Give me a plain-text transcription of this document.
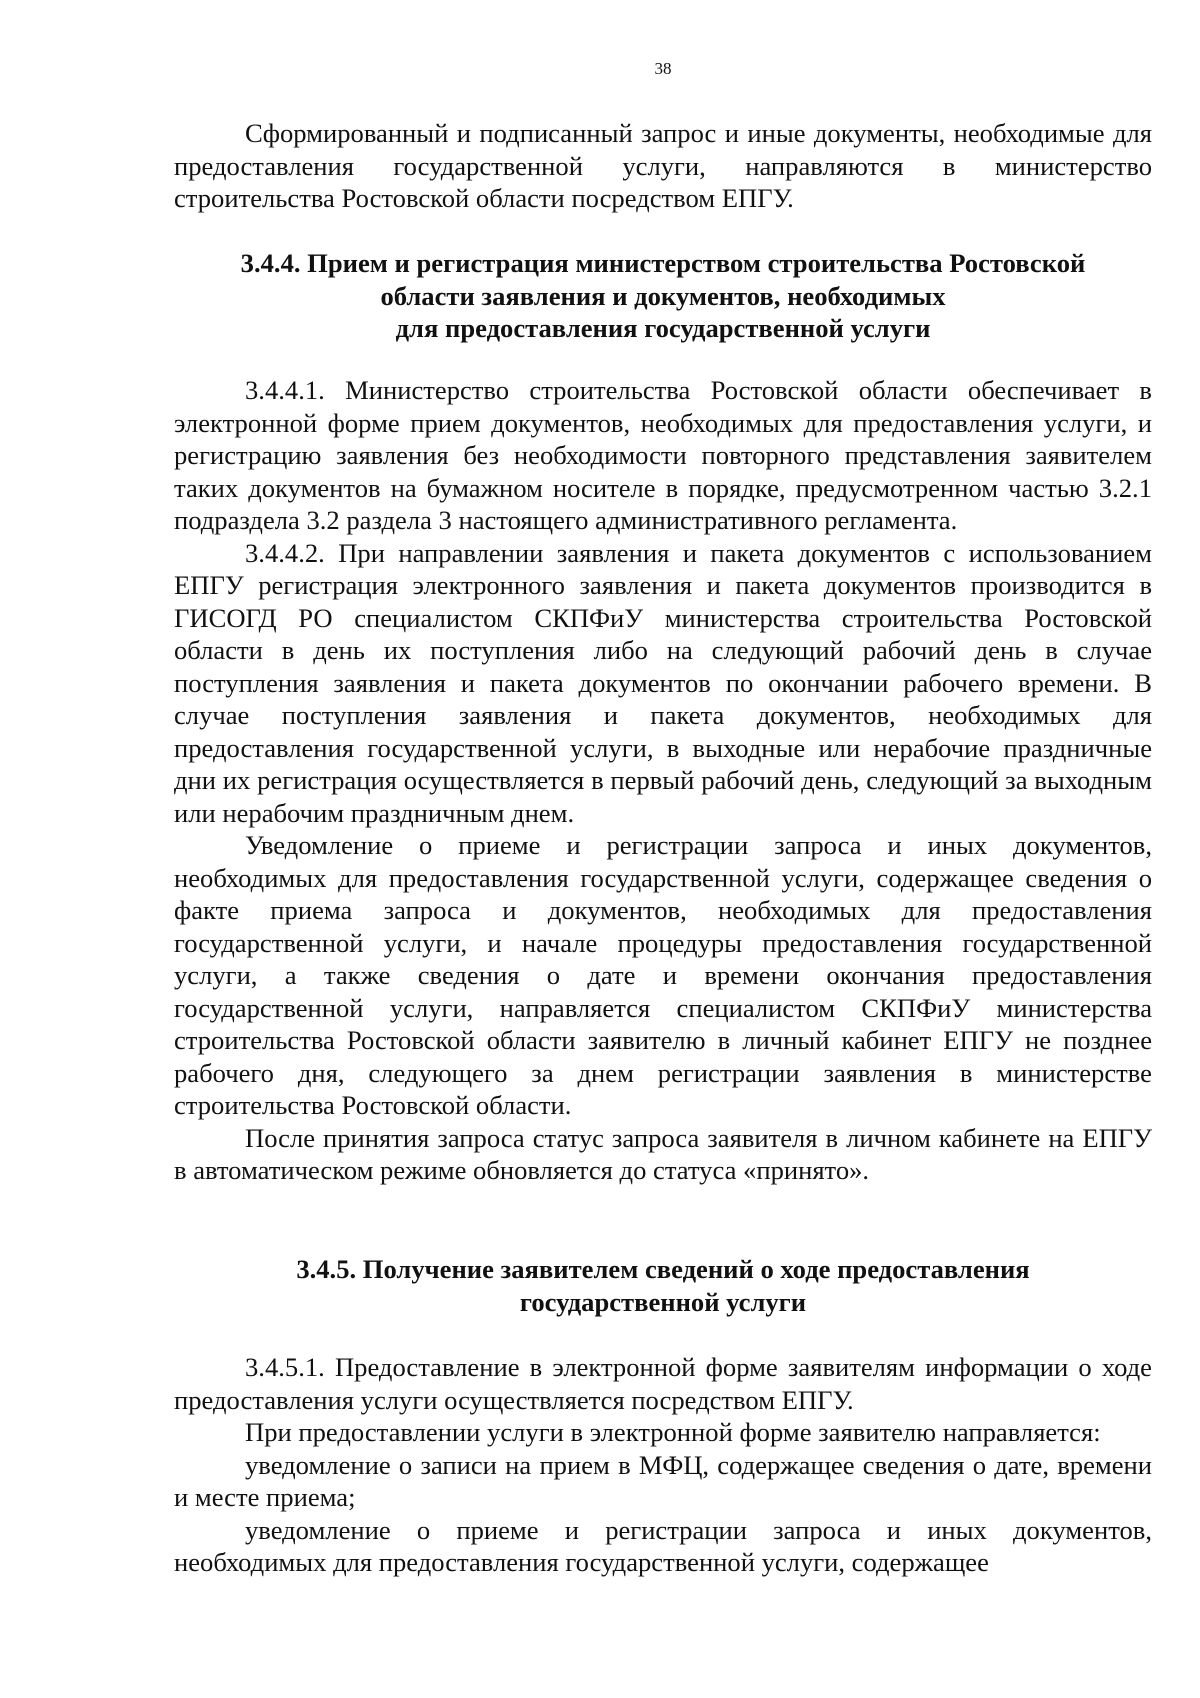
38

Сформированный и подписанный запрос и иные документы, необходимые для предоставления государственной услуги, направляются в министерство строительства Ростовской области посредством ЕПГУ.

3.4.4. Прием и регистрация министерством строительства Ростовской
области заявления и документов, необходимых
для предоставления государственной услуги

3.4.4.1. Министерство строительства Ростовской области обеспечивает в электронной форме прием документов, необходимых для предоставления услуги, и регистрацию заявления без необходимости повторного представления заявителем таких документов на бумажном носителе в порядке, предусмотренном частью 3.2.1 подраздела 3.2 раздела 3 настоящего административного регламента.

3.4.4.2. При направлении заявления и пакета документов с использованием ЕПГУ регистрация электронного заявления и пакета документов производится в ГИСОГД РО специалистом СКПФиУ министерства строительства Ростовской области в день их поступления либо на следующий рабочий день в случае поступления заявления и пакета документов по окончании рабочего времени. В случае поступления заявления и пакета документов, необходимых для предоставления государственной услуги, в выходные или нерабочие праздничные дни их регистрация осуществляется в первый рабочий день, следующий за выходным или нерабочим праздничным днем.

Уведомление о приеме и регистрации запроса и иных документов, необходимых для предоставления государственной услуги, содержащее сведения о факте приема запроса и документов, необходимых для предоставления государственной услуги, и начале процедуры предоставления государственной услуги, а также сведения о дате и времени окончания предоставления государственной услуги, направляется специалистом СКПФиУ министерства строительства Ростовской области заявителю в личный кабинет ЕПГУ не позднее рабочего дня, следующего за днем регистрации заявления в министерстве строительства Ростовской области.

После принятия запроса статус запроса заявителя в личном кабинете на ЕПГУ в автоматическом режиме обновляется до статуса «принято».

3.4.5. Получение заявителем сведений о ходе предоставления
государственной услуги

3.4.5.1. Предоставление в электронной форме заявителям информации о ходе предоставления услуги осуществляется посредством ЕПГУ.

При предоставлении услуги в электронной форме заявителю направляется:

уведомление о записи на прием в МФЦ, содержащее сведения о дате, времени и месте приема;

уведомление о приеме и регистрации запроса и иных документов, необходимых для предоставления государственной услуги, содержащее
